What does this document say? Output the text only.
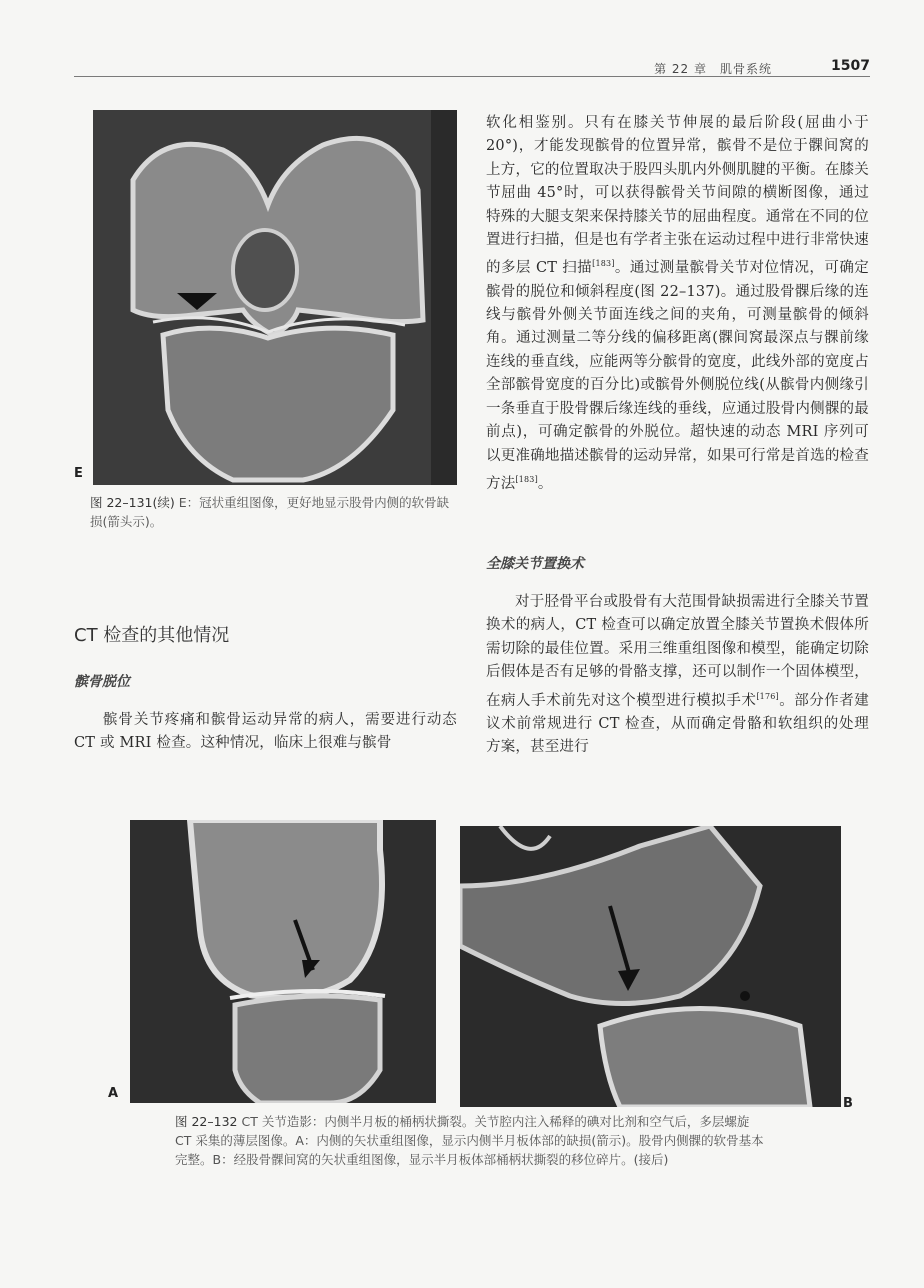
第 22 章　肌骨系统	1507
E
图 22–131(续) E：冠状重组图像，更好地显示股骨内侧的软骨缺损(箭头示)。

软化相鉴别。只有在膝关节伸展的最后阶段(屈曲小于 20°)，才能发现髌骨的位置异常，髌骨不是位于髁间窝的上方，它的位置取决于股四头肌内外侧肌腱的平衡。在膝关节屈曲 45°时，可以获得髌骨关节间隙的横断图像，通过特殊的大腿支架来保持膝关节的屈曲程度。通常在不同的位置进行扫描，但是也有学者主张在运动过程中进行非常快速的多层 CT 扫描[183]。通过测量髌骨关节对位情况，可确定髌骨的脱位和倾斜程度(图 22–137)。通过股骨髁后缘的连线与髌骨外侧关节面连线之间的夹角，可测量髌骨的倾斜角。通过测量二等分线的偏移距离(髁间窝最深点与髁前缘连线的垂直线，应能两等分髌骨的宽度，此线外部的宽度占全部髌骨宽度的百分比)或髌骨外侧脱位线(从髌骨内侧缘引一条垂直于股骨髁后缘连线的垂线，应通过股骨内侧髁的最前点)，可确定髌骨的外脱位。超快速的动态 MRI 序列可以更准确地描述髌骨的运动异常，如果可行常是首选的检查方法[183]。

全膝关节置换术

对于胫骨平台或股骨有大范围骨缺损需进行全膝关节置换术的病人，CT 检查可以确定放置全膝关节置换术假体所需切除的最佳位置。采用三维重组图像和模型，能确定切除后假体是否有足够的骨骼支撑，还可以制作一个固体模型，在病人手术前先对这个模型进行模拟手术[176]。部分作者建议术前常规进行 CT 检查，从而确定骨骼和软组织的处理方案，甚至进行

CT 检查的其他情况
髌骨脱位

髌骨关节疼痛和髌骨运动异常的病人，需要进行动态 CT 或 MRI 检查。这种情况，临床上很难与髌骨

A
B
图 22–132 CT 关节造影：内侧半月板的桶柄状撕裂。关节腔内注入稀释的碘对比剂和空气后，多层螺旋 CT 采集的薄层图像。A：内侧的矢状重组图像，显示内侧半月板体部的缺损(箭示)。股骨内侧髁的软骨基本完整。B：经股骨髁间窝的矢状重组图像，显示半月板体部桶柄状撕裂的移位碎片。(接后)
